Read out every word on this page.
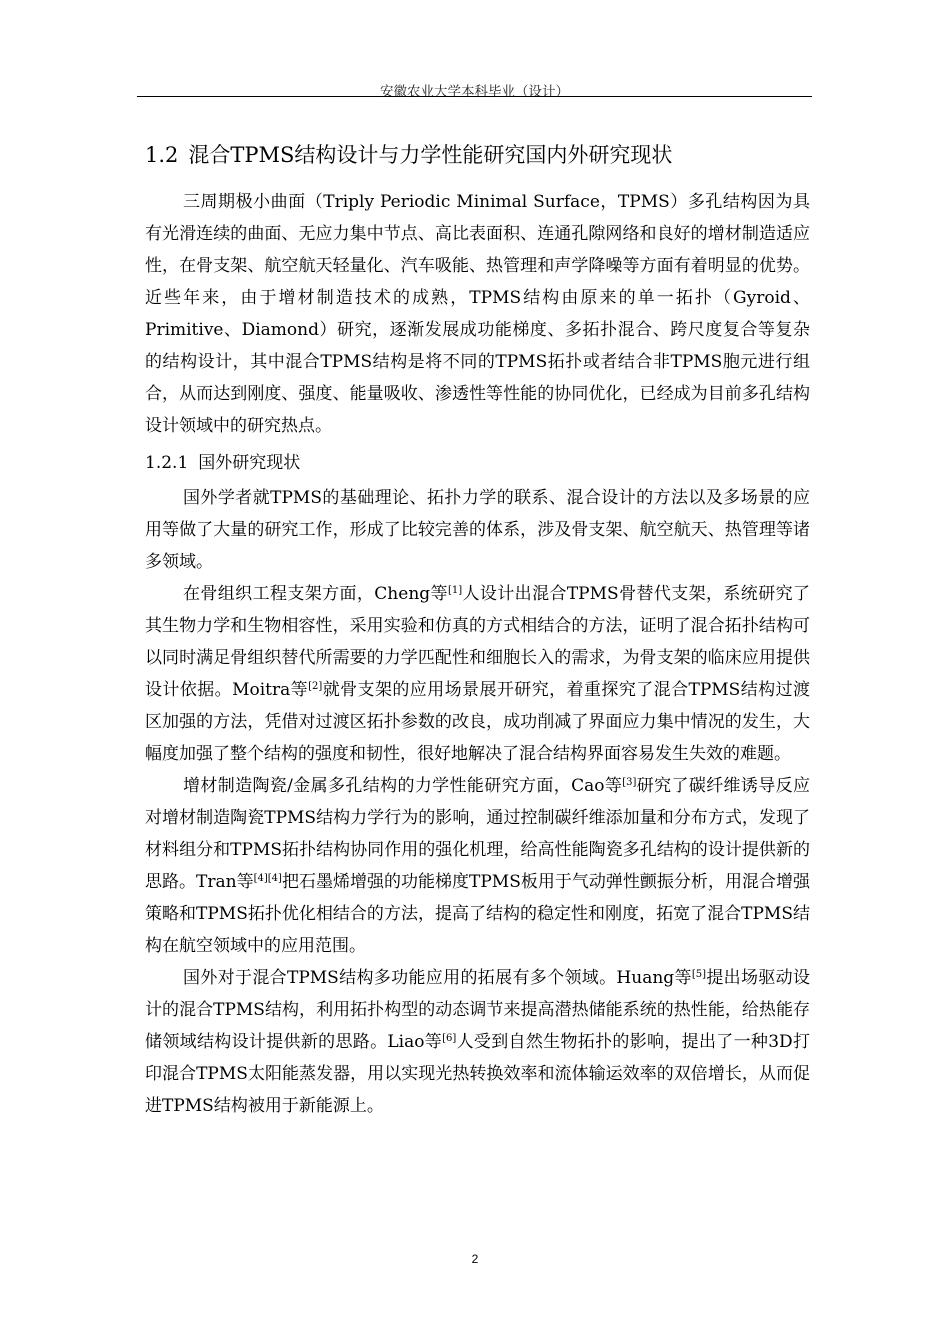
安徽农业大学本科毕业（设计）
1.2 混合TPMS结构设计与力学性能研究国内外研究现状

三周期极小曲面（Triply Periodic Minimal Surface，TPMS）多孔结构因为具有光滑连续的曲面、无应力集中节点、高比表面积、连通孔隙网络和良好的增材制造适应性，在骨支架、航空航天轻量化、汽车吸能、热管理和声学降噪等方面有着明显的优势。近些年来，由于增材制造技术的成熟，TPMS结构由原来的单一拓扑（Gyroid、Primitive、Diamond）研究，逐渐发展成功能梯度、多拓扑混合、跨尺度复合等复杂的结构设计，其中混合TPMS结构是将不同的TPMS拓扑或者结合非TPMS胞元进行组合，从而达到刚度、强度、能量吸收、渗透性等性能的协同优化，已经成为目前多孔结构设计领域中的研究热点。

1.2.1 国外研究现状

国外学者就TPMS的基础理论、拓扑力学的联系、混合设计的方法以及多场景的应用等做了大量的研究工作，形成了比较完善的体系，涉及骨支架、航空航天、热管理等诸多领域。

在骨组织工程支架方面，Cheng等[1]人设计出混合TPMS骨替代支架，系统研究了其生物力学和生物相容性，采用实验和仿真的方式相结合的方法，证明了混合拓扑结构可以同时满足骨组织替代所需要的力学匹配性和细胞长入的需求，为骨支架的临床应用提供设计依据。Moitra等[2]就骨支架的应用场景展开研究，着重探究了混合TPMS结构过渡区加强的方法，凭借对过渡区拓扑参数的改良，成功削减了界面应力集中情况的发生，大幅度加强了整个结构的强度和韧性，很好地解决了混合结构界面容易发生失效的难题。

增材制造陶瓷/金属多孔结构的力学性能研究方面，Cao等[3]研究了碳纤维诱导反应对增材制造陶瓷TPMS结构力学行为的影响，通过控制碳纤维添加量和分布方式，发现了材料组分和TPMS拓扑结构协同作用的强化机理，给高性能陶瓷多孔结构的设计提供新的思路。Tran等[4][4]把石墨烯增强的功能梯度TPMS板用于气动弹性颤振分析，用混合增强策略和TPMS拓扑优化相结合的方法，提高了结构的稳定性和刚度，拓宽了混合TPMS结构在航空领域中的应用范围。

国外对于混合TPMS结构多功能应用的拓展有多个领域。Huang等[5]提出场驱动设计的混合TPMS结构，利用拓扑构型的动态调节来提高潜热储能系统的热性能，给热能存储领域结构设计提供新的思路。Liao等[6]人受到自然生物拓扑的影响，提出了一种3D打印混合TPMS太阳能蒸发器，用以实现光热转换效率和流体输运效率的双倍增长，从而促进TPMS结构被用于新能源上。

2
